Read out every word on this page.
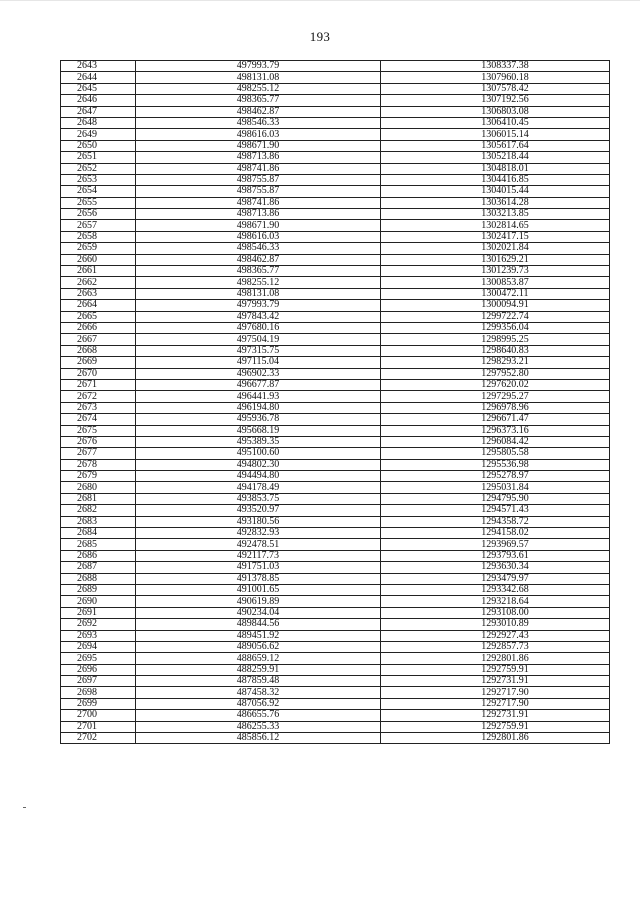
193
2643	497993.79	1308337.38
2644	498131.08	1307960.18
2645	498255.12	1307578.42
2646	498365.77	1307192.56
2647	498462.87	1306803.08
2648	498546.33	1306410.45
2649	498616.03	1306015.14
2650	498671.90	1305617.64
2651	498713.86	1305218.44
2652	498741.86	1304818.01
2653	498755.87	1304416.85
2654	498755.87	1304015.44
2655	498741.86	1303614.28
2656	498713.86	1303213.85
2657	498671.90	1302814.65
2658	498616.03	1302417.15
2659	498546.33	1302021.84
2660	498462.87	1301629.21
2661	498365.77	1301239.73
2662	498255.12	1300853.87
2663	498131.08	1300472.11
2664	497993.79	1300094.91
2665	497843.42	1299722.74
2666	497680.16	1299356.04
2667	497504.19	1298995.25
2668	497315.75	1298640.83
2669	497115.04	1298293.21
2670	496902.33	1297952.80
2671	496677.87	1297620.02
2672	496441.93	1297295.27
2673	496194.80	1296978.96
2674	495936.78	1296671.47
2675	495668.19	1296373.16
2676	495389.35	1296084.42
2677	495100.60	1295805.58
2678	494802.30	1295536.98
2679	494494.80	1295278.97
2680	494178.49	1295031.84
2681	493853.75	1294795.90
2682	493520.97	1294571.43
2683	493180.56	1294358.72
2684	492832.93	1294158.02
2685	492478.51	1293969.57
2686	492117.73	1293793.61
2687	491751.03	1293630.34
2688	491378.85	1293479.97
2689	491001.65	1293342.68
2690	490619.89	1293218.64
2691	490234.04	1293108.00
2692	489844.56	1293010.89
2693	489451.92	1292927.43
2694	489056.62	1292857.73
2695	488659.12	1292801.86
2696	488259.91	1292759.91
2697	487859.48	1292731.91
2698	487458.32	1292717.90
2699	487056.92	1292717.90
2700	486655.76	1292731.91
2701	486255.33	1292759.91
2702	485856.12	1292801.86
